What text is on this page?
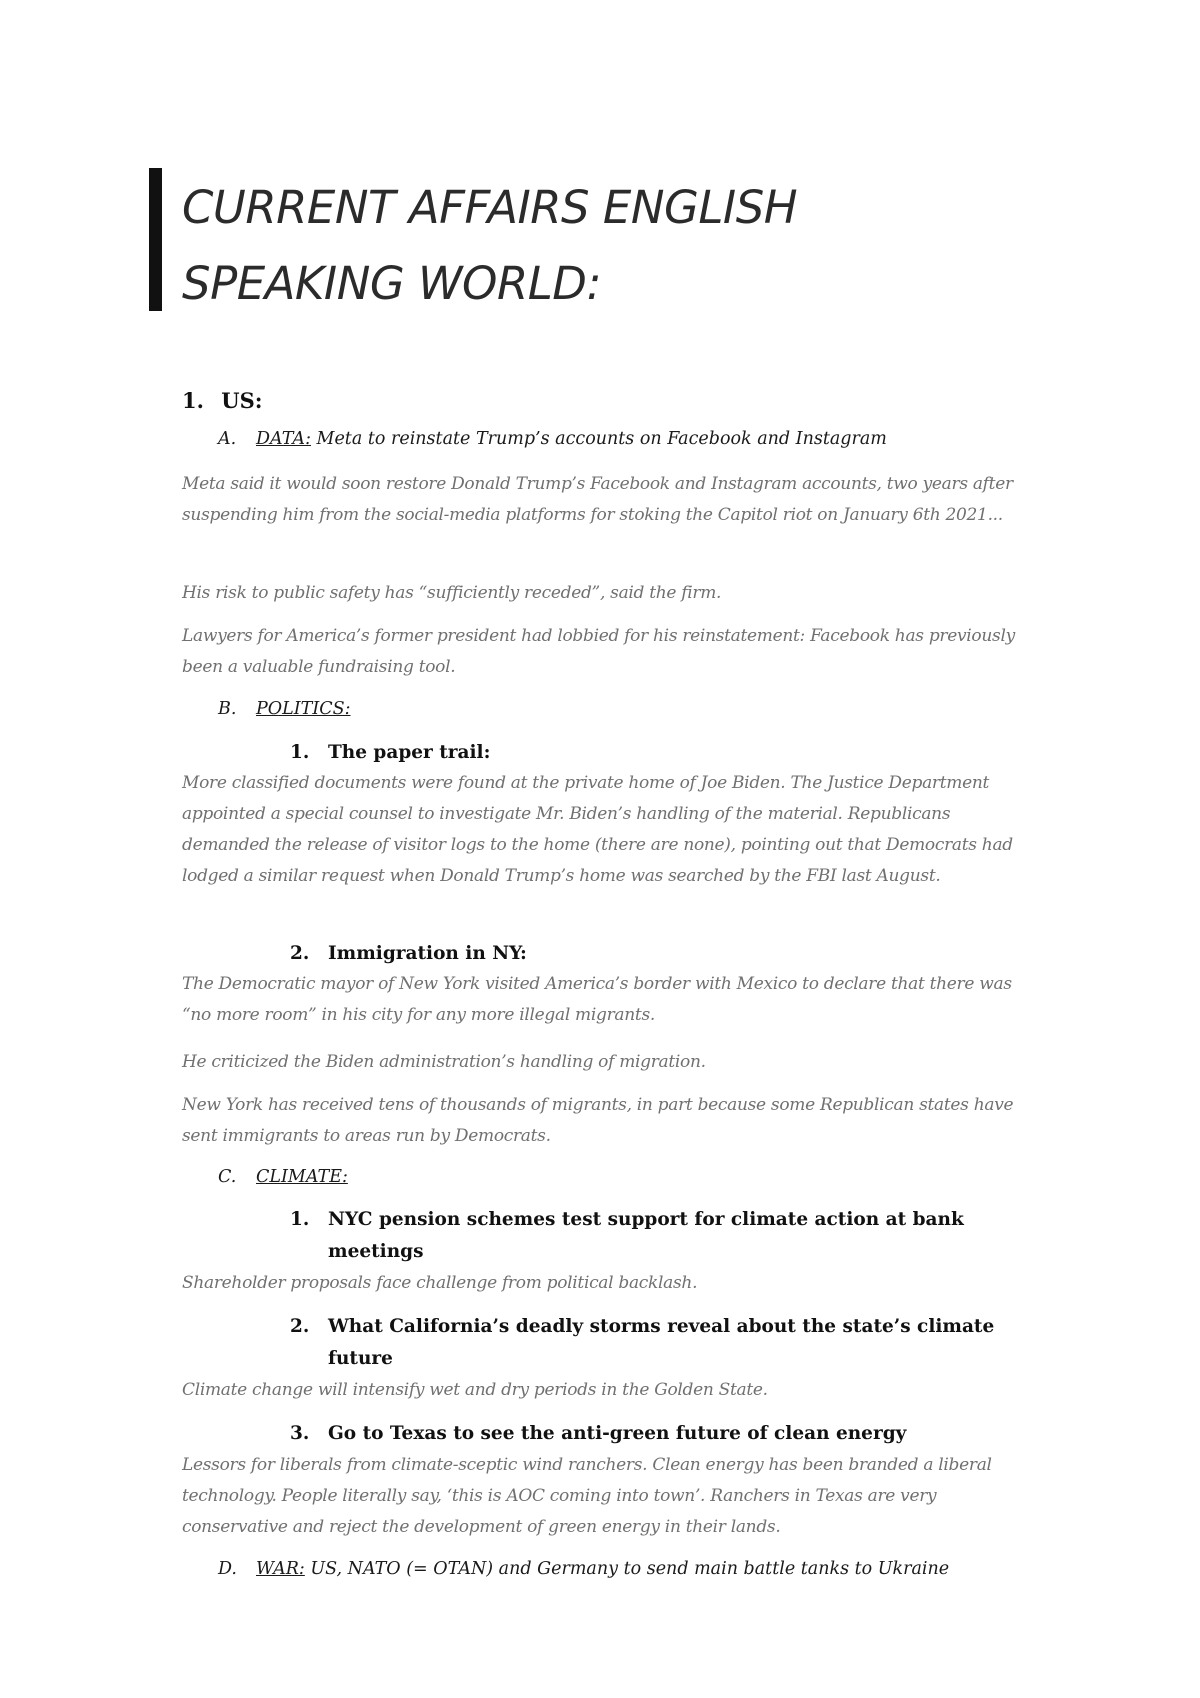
CURRENT AFFAIRS ENGLISH
SPEAKING WORLD:
1. US:
A. DATA: Meta to reinstate Trump’s accounts on Facebook and Instagram
Meta said it would soon restore Donald Trump’s Facebook and Instagram accounts, two years after suspending him from the social-media platforms for stoking the Capitol riot on January 6th 2021...
His risk to public safety has “sufficiently receded”, said the firm.
Lawyers for America’s former president had lobbied for his reinstatement: Facebook has previously been a valuable fundraising tool.
B. POLITICS:
1.	The paper trail:
More classified documents were found at the private home of Joe Biden. The Justice Department appointed a special counsel to investigate Mr. Biden’s handling of the material. Republicans demanded the release of visitor logs to the home (there are none), pointing out that Democrats had lodged a similar request when Donald Trump’s home was searched by the FBI last August.
2.	Immigration in NY:
The Democratic mayor of New York visited America’s border with Mexico to declare that there was “no more room” in his city for any more illegal migrants.
He criticized the Biden administration’s handling of migration.
New York has received tens of thousands of migrants, in part because some Republican states have sent immigrants to areas run by Democrats.
C. CLIMATE:
1.	NYC pension schemes test support for climate action at bank meetings
Shareholder proposals face challenge from political backlash.
2.	What California’s deadly storms reveal about the state’s climate future
Climate change will intensify wet and dry periods in the Golden State.
3.	Go to Texas to see the anti-green future of clean energy
Lessors for liberals from climate-sceptic wind ranchers. Clean energy has been branded a liberal technology. People literally say, ‘this is AOC coming into town’. Ranchers in Texas are very conservative and reject the development of green energy in their lands.
D. WAR: US, NATO (= OTAN) and Germany to send main battle tanks to Ukraine
